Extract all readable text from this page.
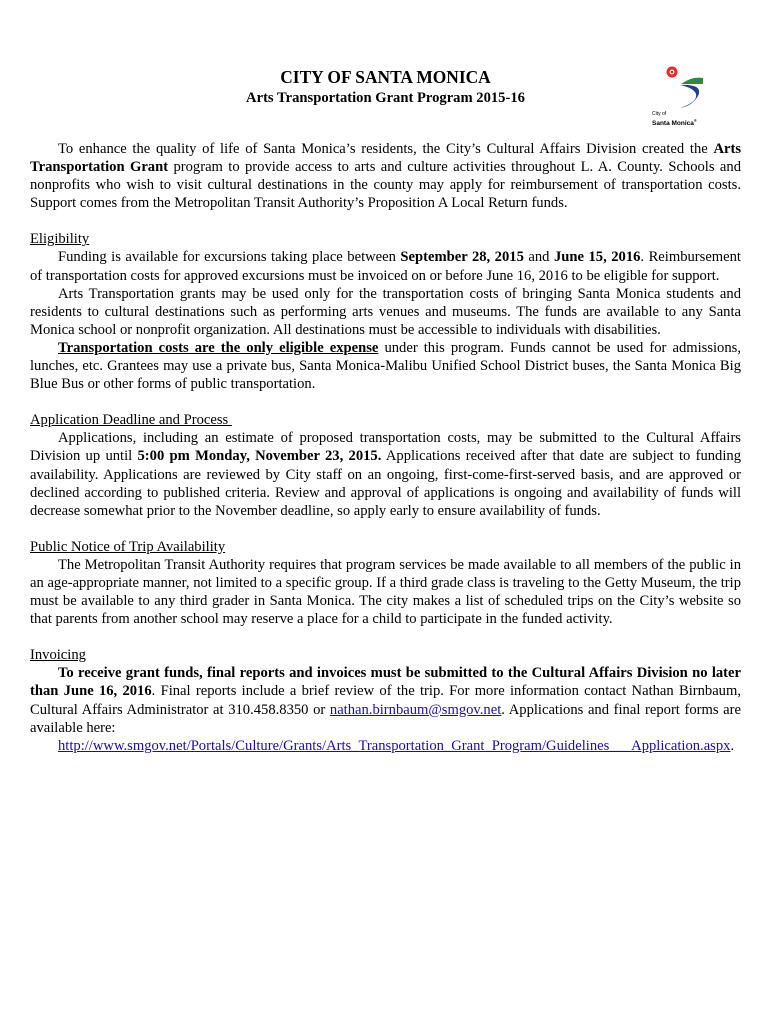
CITY OF SANTA MONICA
Arts Transportation Grant Program 2015-16
City of
Santa Monica®

To enhance the quality of life of Santa Monica’s residents, the City’s Cultural Affairs Division created the Arts Transportation Grant program to provide access to arts and culture activities throughout L. A. County. Schools and nonprofits who wish to visit cultural destinations in the county may apply for reimbursement of transportation costs. Support comes from the Metropolitan Transit Authority’s Proposition A Local Return funds.

Eligibility

Funding is available for excursions taking place between September 28, 2015 and June 15, 2016. Reimbursement of transportation costs for approved excursions must be invoiced on or before June 16, 2016 to be eligible for support.

Arts Transportation grants may be used only for the transportation costs of bringing Santa Monica students and residents to cultural destinations such as performing arts venues and museums. The funds are available to any Santa Monica school or nonprofit organization. All destinations must be accessible to individuals with disabilities.

Transportation costs are the only eligible expense under this program. Funds cannot be used for admissions, lunches, etc. Grantees may use a private bus, Santa Monica-Malibu Unified School District buses, the Santa Monica Big Blue Bus or other forms of public transportation.

Application Deadline and Process

Applications, including an estimate of proposed transportation costs, may be submitted to the Cultural Affairs Division up until 5:00 pm Monday, November 23, 2015. Applications received after that date are subject to funding availability. Applications are reviewed by City staff on an ongoing, first-come-first-served basis, and are approved or declined according to published criteria. Review and approval of applications is ongoing and availability of funds will decrease somewhat prior to the November deadline, so apply early to ensure availability of funds.

Public Notice of Trip Availability

The Metropolitan Transit Authority requires that program services be made available to all members of the public in an age-appropriate manner, not limited to a specific group. If a third grade class is traveling to the Getty Museum, the trip must be available to any third grader in Santa Monica. The city makes a list of scheduled trips on the City’s website so that parents from another school may reserve a place for a child to participate in the funded activity.

Invoicing

To receive grant funds, final reports and invoices must be submitted to the Cultural Affairs Division no later than June 16, 2016. Final reports include a brief review of the trip. For more information contact Nathan Birnbaum, Cultural Affairs Administrator at 310.458.8350 or nathan.birnbaum@smgov.net. Applications and final report forms are available here:

http://www.smgov.net/Portals/Culture/Grants/Arts_Transportation_Grant_Program/Guidelines___Application.aspx.
